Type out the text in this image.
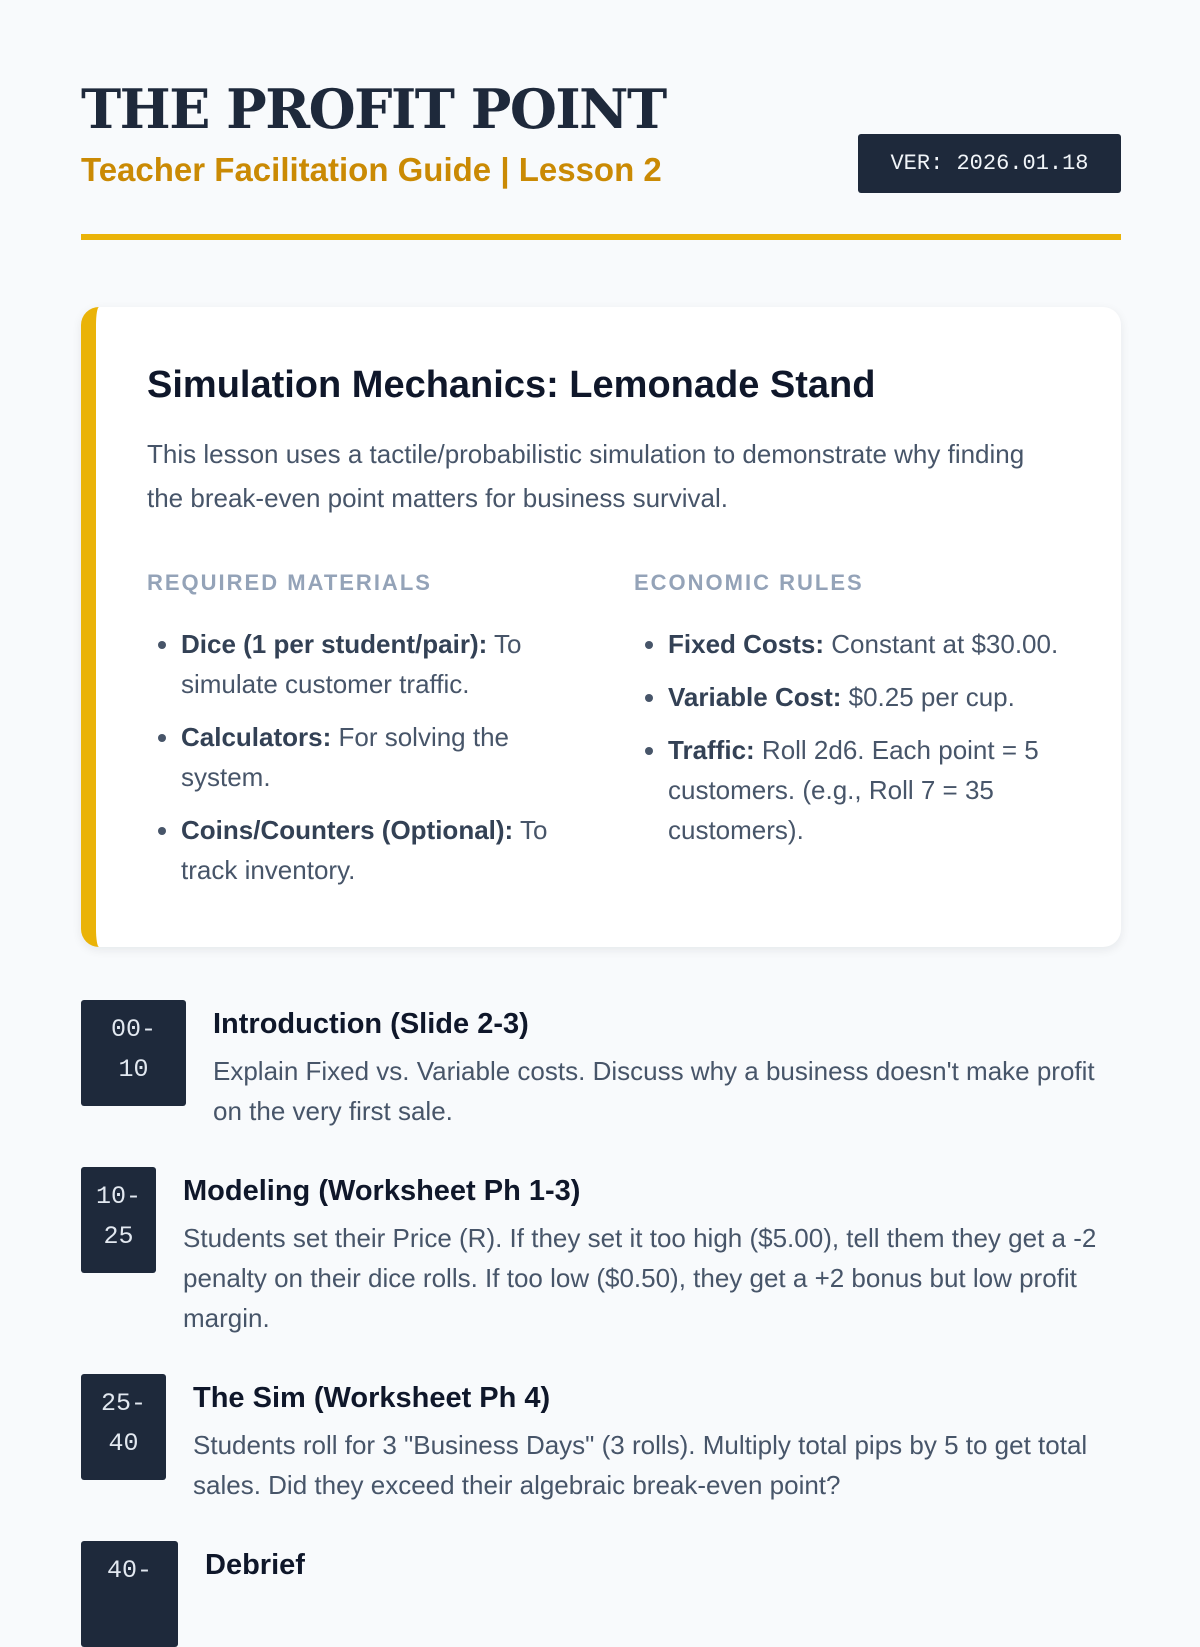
THE PROFIT POINT
Teacher Facilitation Guide | Lesson 2	VER: 2026.01.18
Simulation Mechanics: Lemonade Stand

This lesson uses a tactile/probabilistic simulation to demonstrate why finding the break-even point matters for business survival.

REQUIRED MATERIALS
• Dice (1 per student/pair): To simulate customer traffic.
• Calculators: For solving the system.
• Coins/Counters (Optional): To track inventory.
ECONOMIC RULES
• Fixed Costs: Constant at $30.00.
• Variable Cost: $0.25 per cup.
• Traffic: Roll 2d6. Each point = 5 customers. (e.g., Roll 7 = 35 customers).
00-
10
Introduction (Slide 2-3)

Explain Fixed vs. Variable costs. Discuss why a business doesn't make profit on the very first sale.

10-
25
Modeling (Worksheet Ph 1-3)

Students set their Price (R). If they set it too high ($5.00), tell them they get a -2 penalty on their dice rolls. If too low ($0.50), they get a +2 bonus but low profit margin.

25-
40
The Sim (Worksheet Ph 4)

Students roll for 3 "Business Days" (3 rolls). Multiply total pips by 5 to get total sales. Did they exceed their algebraic break-even point?

40-	Debrief
